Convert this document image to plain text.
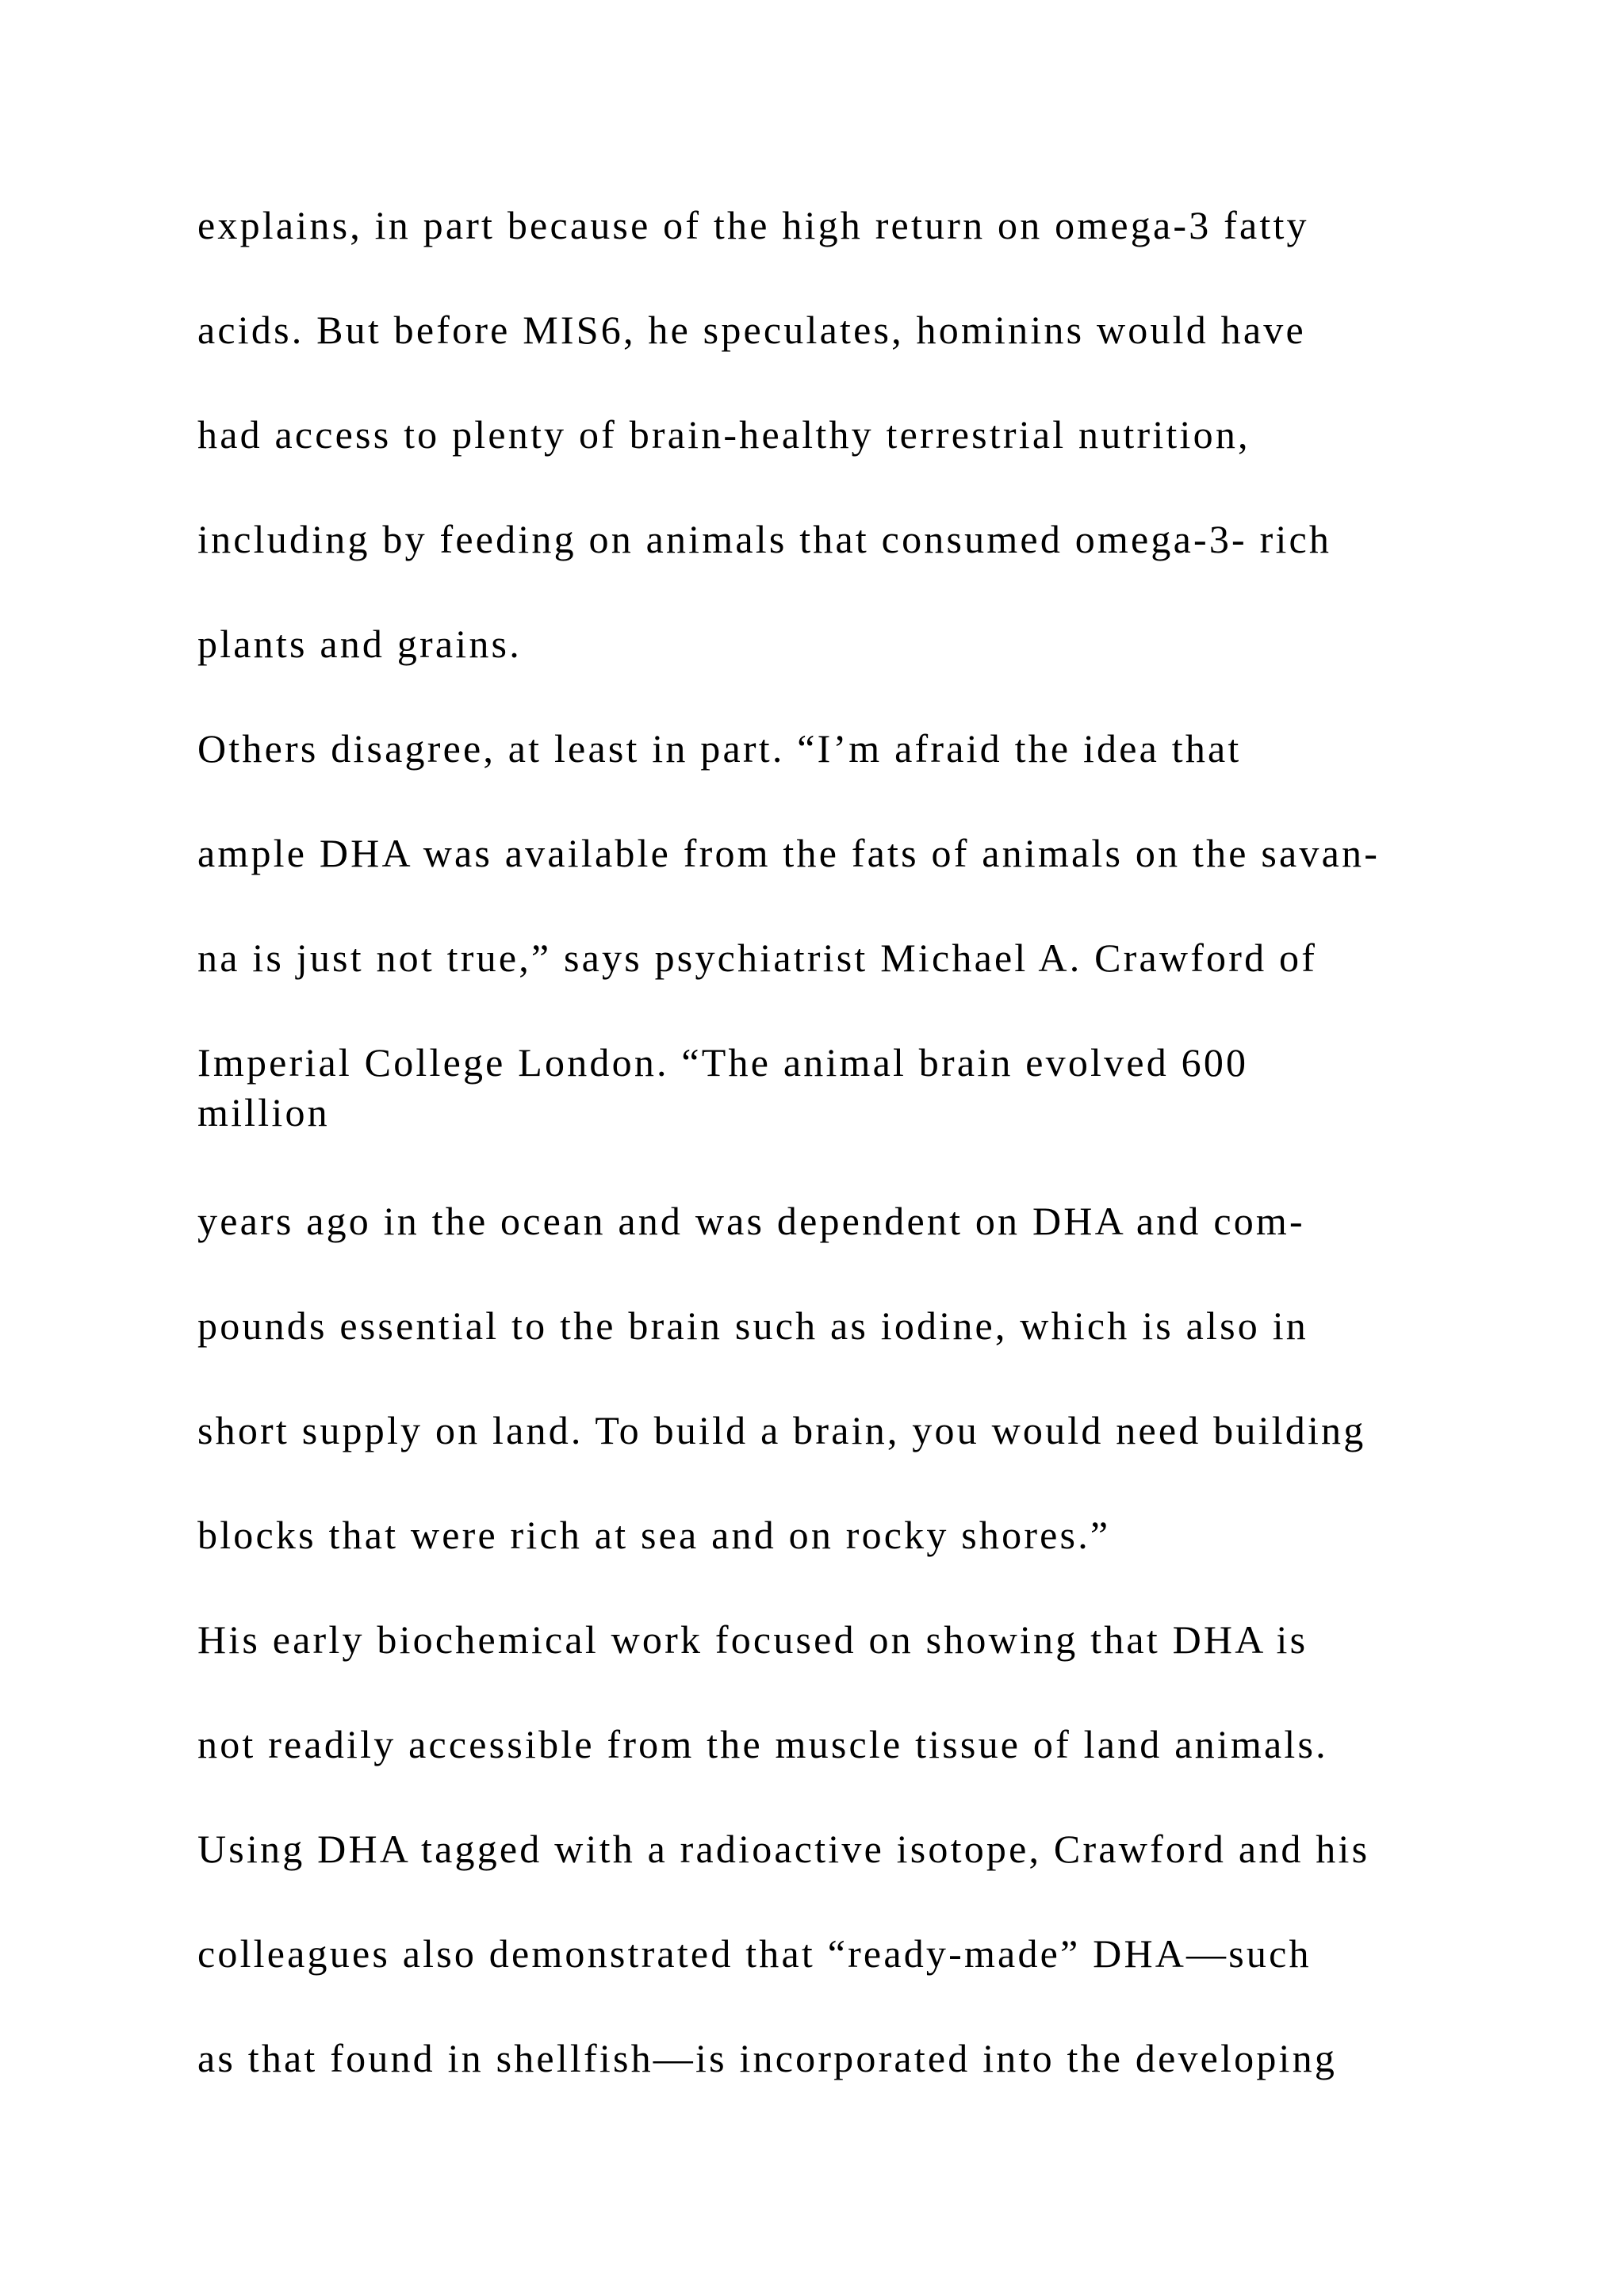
explains, in part because of the high return on omega-3 fatty
acids. But before MIS6, he speculates, hominins would have
had access to plenty of brain-healthy terrestrial nutrition,
including by feeding on animals that consumed omega-3- rich
plants and grains.
Others disagree, at least in part. “I’m afraid the idea that
ample DHA was available from the fats of animals on the savan-
na is just not true,” says psychiatrist Michael A. Crawford of
Imperial College London. “The animal brain evolved 600
million
years ago in the ocean and was dependent on DHA and com-
pounds essential to the brain such as iodine, which is also in
short supply on land. To build a brain, you would need building
blocks that were rich at sea and on rocky shores.”
His early biochemical work focused on showing that DHA is
not readily accessible from the muscle tissue of land animals.
Using DHA tagged with a radioactive isotope, Crawford and his
colleagues also demonstrated that “ready-made” DHA—such
as that found in shellfish—is incorporated into the developing
